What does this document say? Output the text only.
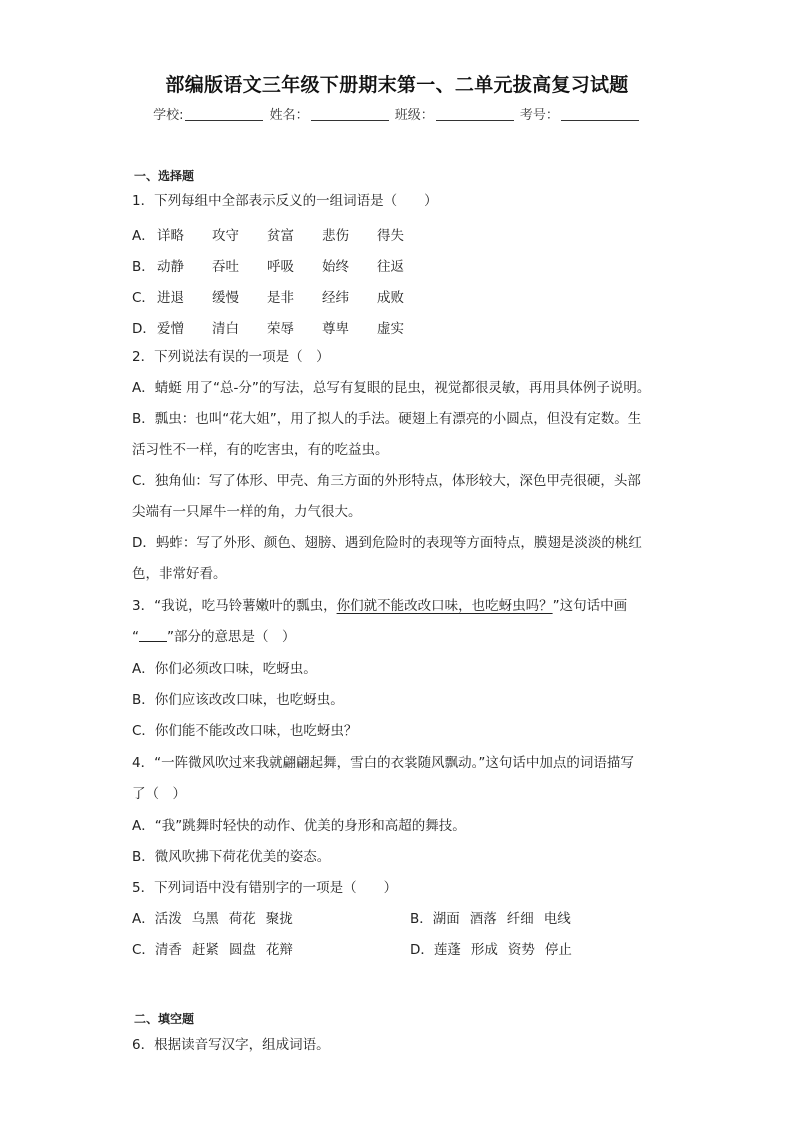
部编版语文三年级下册期末第一、二单元拔高复习试题
学校:	姓名：	班级：	考号：
一、选择题
1．下列每组中全部表示反义的一组词语是（　　）
A． 详略	攻守	贫富	悲伤	得失
B． 动静	吞吐	呼吸	始终	往返
C． 进退	缓慢	是非	经纬	成败
D． 爱憎	清白	荣辱	尊卑	虚实
2．下列说法有误的一项是（　）
A．蜻蜓 用了“总-分”的写法，总写有复眼的昆虫，视觉都很灵敏，再用具体例子说明。
B．瓢虫：也叫“花大姐”，用了拟人的手法。硬翅上有漂亮的小圆点，但没有定数。生
活习性不一样，有的吃害虫，有的吃益虫。
C．独角仙：写了体形、甲壳、角三方面的外形特点，体形较大，深色甲壳很硬，头部
尖端有一只犀牛一样的角，力气很大。
D．蚂蚱：写了外形、颜色、翅膀、遇到危险时的表现等方面特点，膜翅是淡淡的桃红
色，非常好看。
3．“我说，吃马铃薯嫩叶的瓢虫，你们就不能改改口味，也吃蚜虫吗？”这句话中画
“ ”部分的意思是（　）
A．你们必须改口味，吃蚜虫。
B．你们应该改改口味，也吃蚜虫。
C．你们能不能改改口味，也吃蚜虫？
4．“一阵微风吹过来我就翩翩起舞，雪白的衣裳随风飘动。”这句话中加点的词语描写
了（　）
A．“我”跳舞时轻快的动作、优美的身形和高超的舞技。
B．微风吹拂下荷花优美的姿态。
5．下列词语中没有错别字的一项是（　　）
A．活泼 乌黑 荷花 聚拢	B．湖面 酒落 纤细 电线
C．清香 赶紧 圆盘 花辩	D．莲蓬 形成 资势 停止
二、填空题
6．根据读音写汉字，组成词语。
